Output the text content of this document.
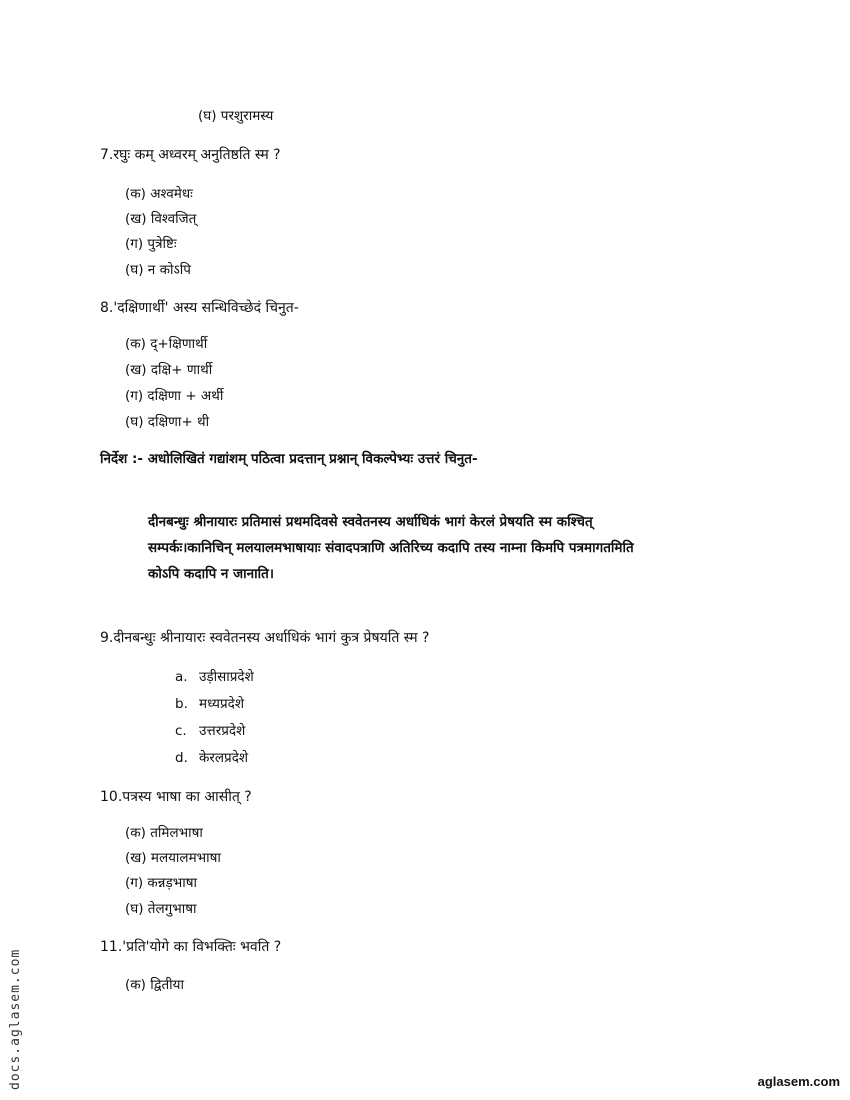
(घ) परशुरामस्य
7.रघुः कम् अध्वरम् अनुतिष्ठति स्म ?
(क) अश्वमेधः
(ख) विश्वजित्
(ग) पुत्रेष्टिः
(घ) न कोऽपि
8.'दक्षिणार्थी' अस्य सन्धिविच्छेदं चिनुत-
(क) द्+क्षिणार्थी
(ख) दक्षि+ णार्थी
(ग) दक्षिणा + अर्थी
(घ) दक्षिणा+ थी
निर्देश :- अधोलिखितं गद्यांशम् पठित्वा प्रदत्तान् प्रश्नान् विकल्पेभ्यः उत्तरं चिनुत-
दीनबन्धुः श्रीनायारः प्रतिमासं प्रथमदिवसे स्ववेतनस्य अर्धाधिकं भागं केरलं प्रेषयति स्म कश्चित्
सम्पर्कः।कानिचिन् मलयालमभाषायाः संवादपत्राणि अतिरिच्य कदापि तस्य नाम्ना किमपि पत्रमागतमिति
कोऽपि कदापि न जानाति।
9.दीनबन्धुः श्रीनायारः स्ववेतनस्य अर्धाधिकं भागं कुत्र प्रेषयति स्म ?
a. उड़ीसाप्रदेशे
b. मध्यप्रदेशे
c. उत्तरप्रदेशे
d. केरलप्रदेशे
10.पत्रस्य भाषा का आसीत् ?
(क) तमिलभाषा
(ख) मलयालमभाषा
(ग) कन्नड़भाषा
(घ) तेलगुभाषा
11.'प्रति'योगे का विभक्तिः भवति ?
(क) द्वितीया
docs.aglasem.com	aglasem.com
